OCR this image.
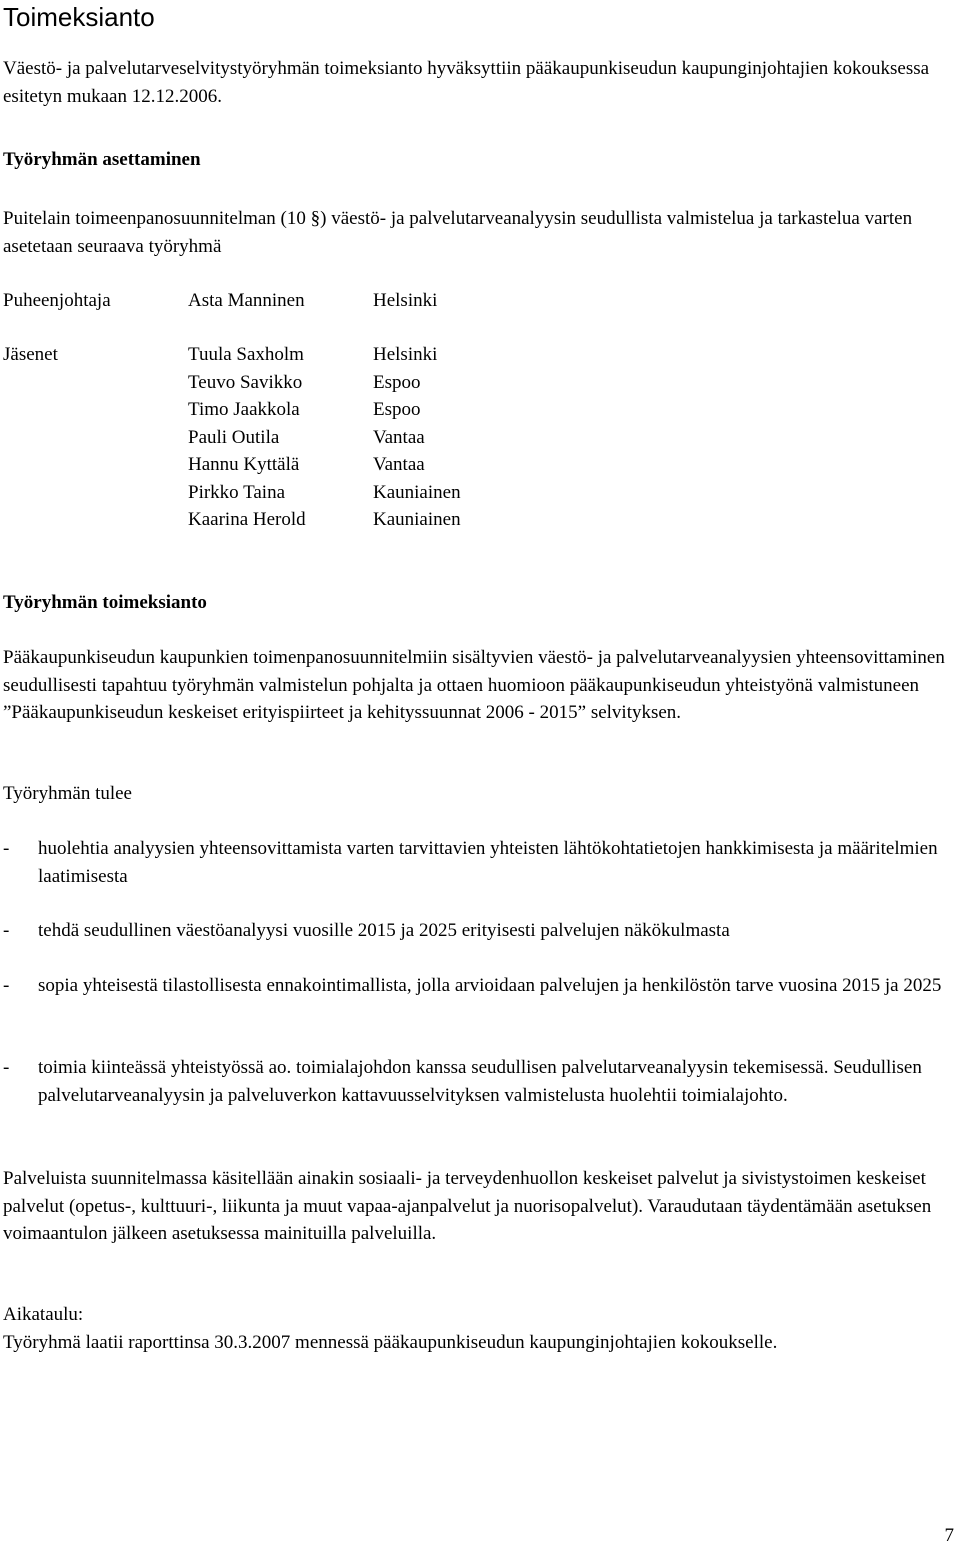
Toimeksianto

Väestö- ja palvelutarveselvitystyöryhmän toimeksianto hyväksyttiin pääkaupunkiseudun kaupunginjohtajien kokouksessa esitetyn mukaan 12.12.2006.

Työryhmän asettaminen

Puitelain toimeenpanosuunnitelman (10 §) väestö- ja palvelutarveanalyysin seudullista valmistelua ja tarkastelua varten asetetaan seuraava työryhmä

Puheenjohtaja	Asta Manninen	Helsinki
Jäsenet	Tuula Saxholm	Helsinki
Teuvo Savikko	Espoo
Timo Jaakkola	Espoo
Pauli Outila	Vantaa
Hannu Kyttälä	Vantaa
Pirkko Taina	Kauniainen
Kaarina Herold	Kauniainen
Työryhmän toimeksianto

Pääkaupunkiseudun kaupunkien toimenpanosuunnitelmiin sisältyvien väestö- ja palvelutarveanalyysien yhteensovittaminen seudullisesti tapahtuu työryhmän valmistelun pohjalta ja ottaen huomioon pääkaupunkiseudun yhteistyönä valmistuneen ”Pääkaupunkiseudun keskeiset erityispiirteet ja kehityssuunnat 2006 - 2015” selvityksen.

Työryhmän tulee

- huolehtia analyysien yhteensovittamista varten tarvittavien yhteisten lähtökohtatietojen hankkimisesta ja määritelmien laatimisesta
- tehdä seudullinen väestöanalyysi vuosille 2015 ja 2025 erityisesti palvelujen näkökulmasta
- sopia yhteisestä tilastollisesta ennakointimallista, jolla arvioidaan palvelujen ja henkilöstön tarve vuosina 2015 ja 2025
- toimia kiinteässä yhteistyössä ao. toimialajohdon kanssa seudullisen palvelutarveanalyysin tekemisessä. Seudullisen palvelutarveanalyysin ja palveluverkon kattavuusselvityksen valmistelusta huolehtii toimialajohto.

Palveluista suunnitelmassa käsitellään ainakin sosiaali- ja terveydenhuollon keskeiset palvelut ja sivistystoimen keskeiset palvelut (opetus-, kulttuuri-, liikunta ja muut vapaa-ajanpalvelut ja nuorisopalvelut). Varaudutaan täydentämään asetuksen voimaantulon jälkeen asetuksessa mainituilla palveluilla.

Aikataulu:

Työryhmä laatii raporttinsa 30.3.2007 mennessä pääkaupunkiseudun kaupunginjohtajien kokoukselle.

7
